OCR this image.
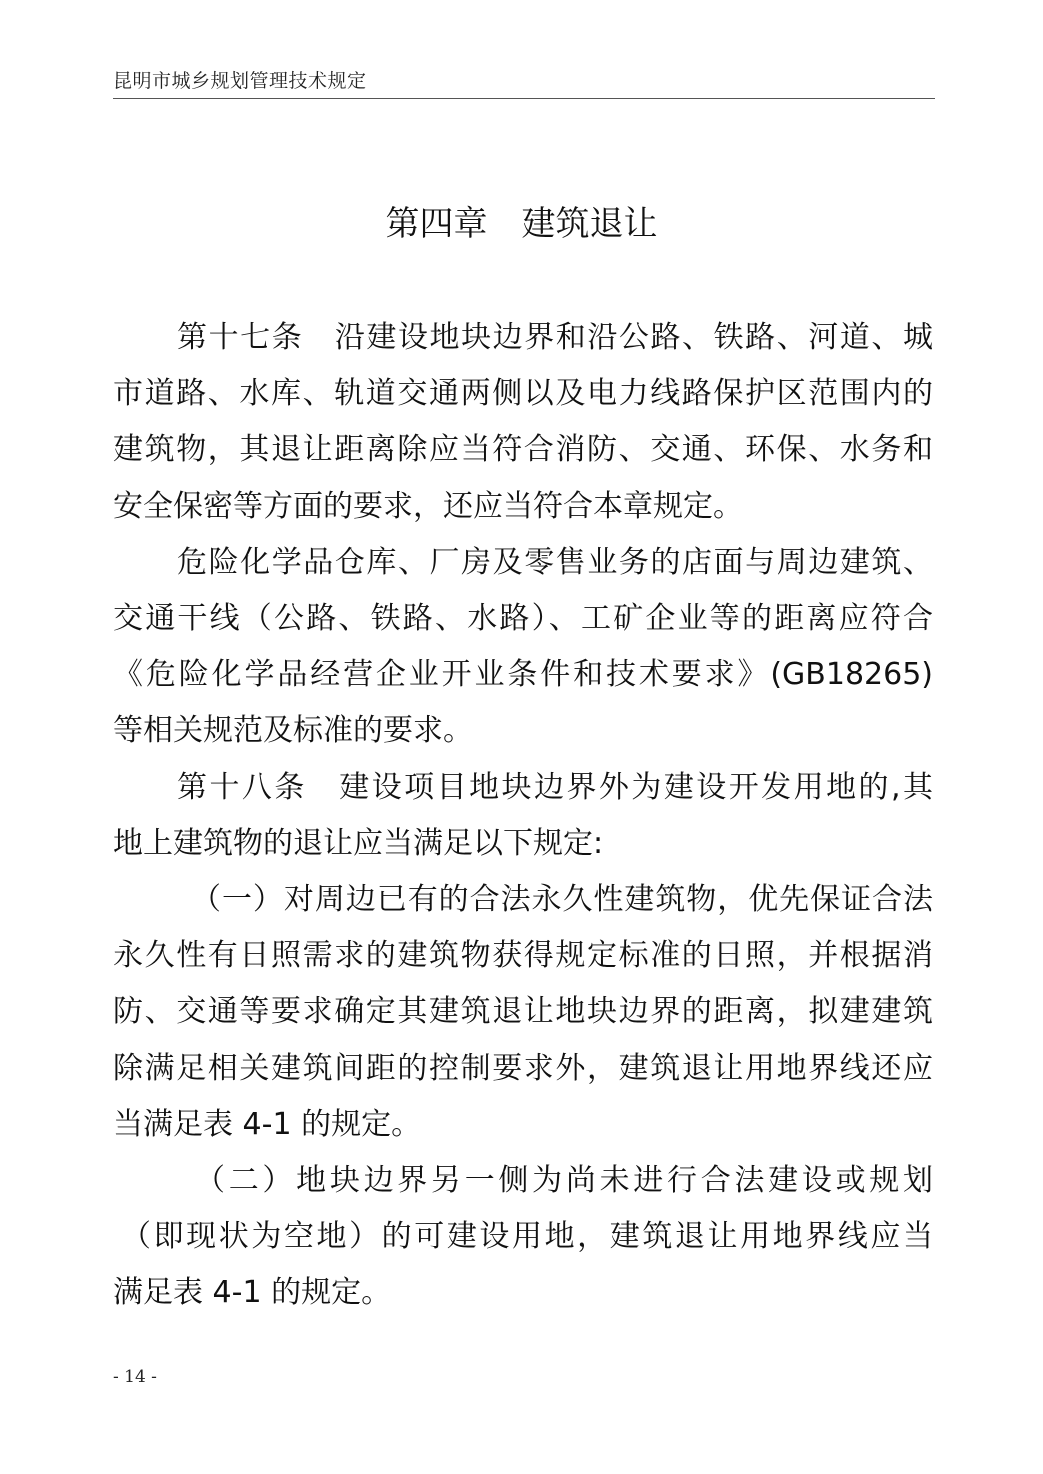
昆明市城乡规划管理技术规定
第四章　建筑退让
第十七条　沿建设地块边界和沿公路、铁路、河道、城
市道路、水库、轨道交通两侧以及电力线路保护区范围内的
建筑物，其退让距离除应当符合消防、交通、环保、水务和
安全保密等方面的要求，还应当符合本章规定。
危险化学品仓库、厂房及零售业务的店面与周边建筑、
交通干线（公路、铁路、水路）、工矿企业等的距离应符合
《危险化学品经营企业开业条件和技术要求》(GB18265)
等相关规范及标准的要求。
第十八条　建设项目地块边界外为建设开发用地的,其
地上建筑物的退让应当满足以下规定:
（一）对周边已有的合法永久性建筑物，优先保证合法
永久性有日照需求的建筑物获得规定标准的日照，并根据消
防、交通等要求确定其建筑退让地块边界的距离，拟建建筑
除满足相关建筑间距的控制要求外，建筑退让用地界线还应
当满足表 4-1 的规定。
（二）地块边界另一侧为尚未进行合法建设或规划
（即现状为空地）的可建设用地，建筑退让用地界线应当
满足表 4-1 的规定。
- 14 -
